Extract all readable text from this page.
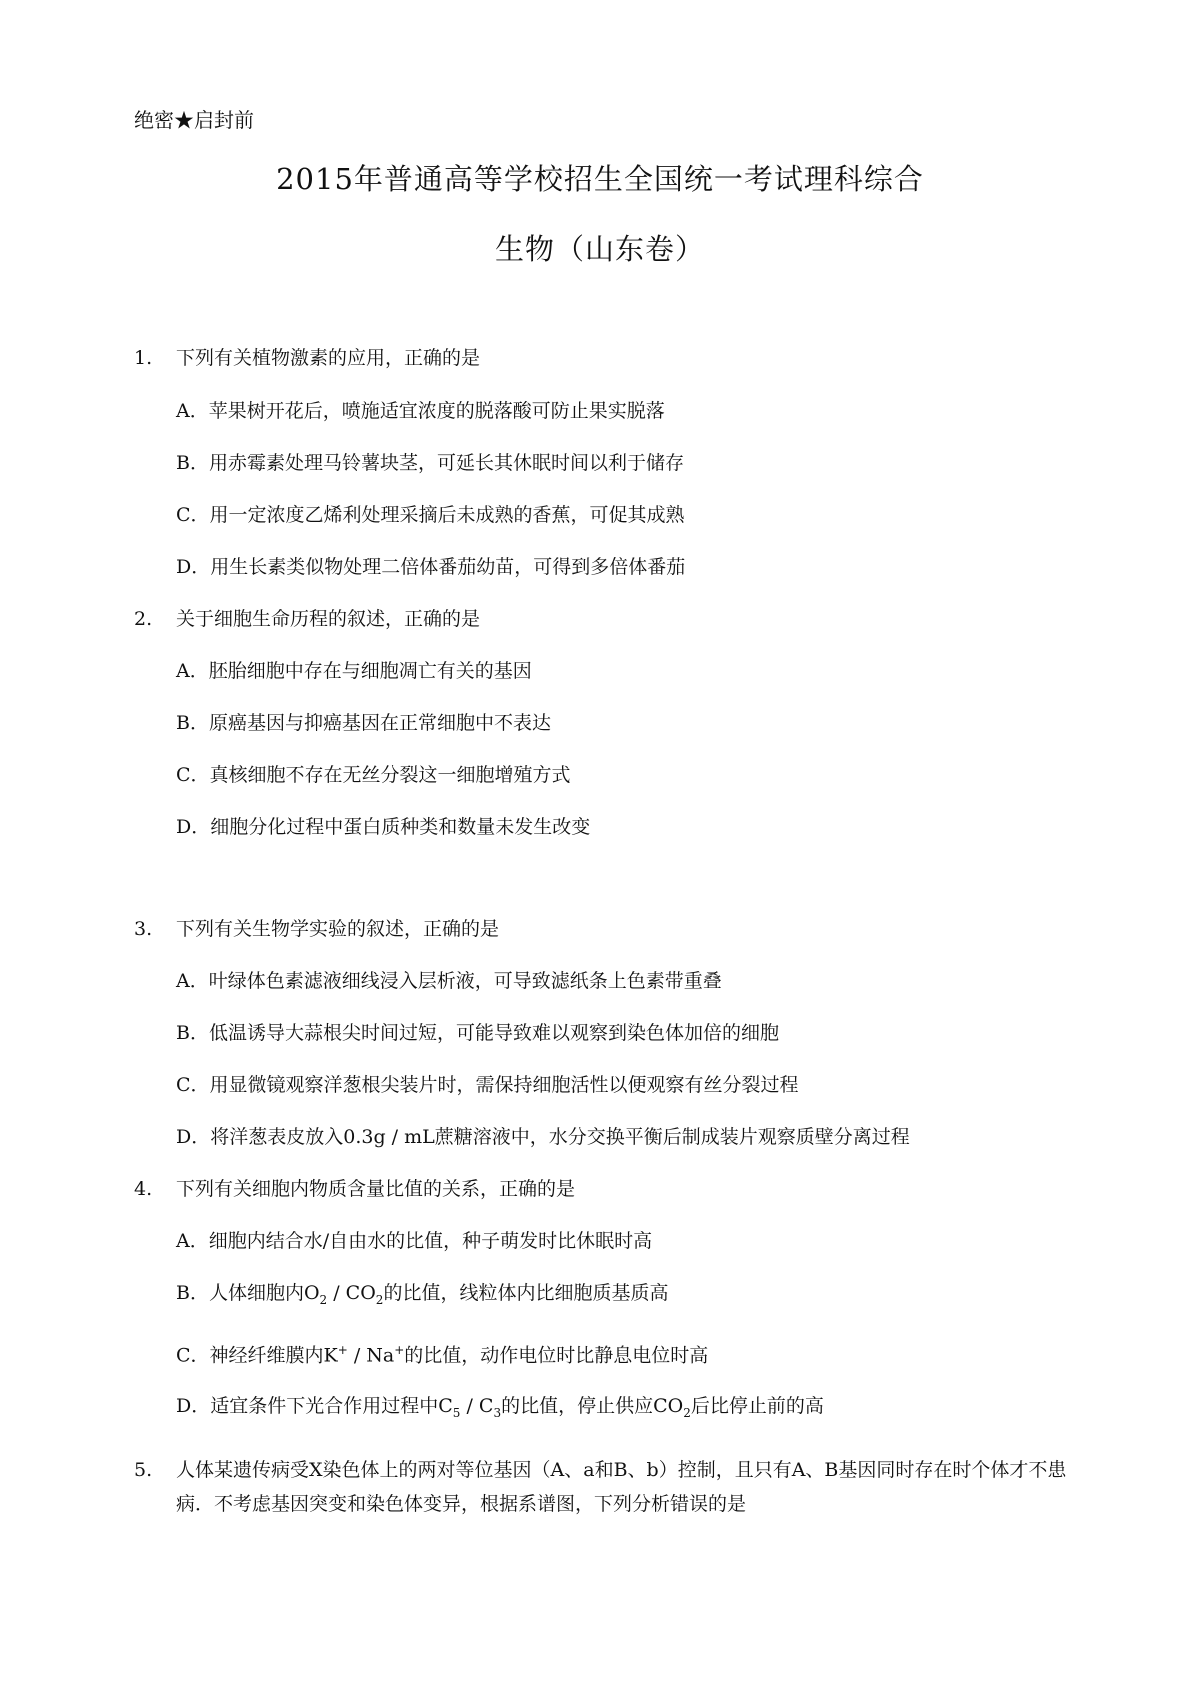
绝密★启封前
2015年普通高等学校招生全国统一考试理科综合
生物（山东卷）
1. 下列有关植物激素的应用，正确的是
A．苹果树开花后，喷施适宜浓度的脱落酸可防止果实脱落
B．用赤霉素处理马铃薯块茎，可延长其休眠时间以利于储存
C．用一定浓度乙烯利处理采摘后未成熟的香蕉，可促其成熟
D．用生长素类似物处理二倍体番茄幼苗，可得到多倍体番茄
2. 关于细胞生命历程的叙述，正确的是
A．胚胎细胞中存在与细胞凋亡有关的基因
B．原癌基因与抑癌基因在正常细胞中不表达
C．真核细胞不存在无丝分裂这一细胞增殖方式
D．细胞分化过程中蛋白质种类和数量未发生改变
3. 下列有关生物学实验的叙述，正确的是
A．叶绿体色素滤液细线浸入层析液，可导致滤纸条上色素带重叠
B．低温诱导大蒜根尖时间过短，可能导致难以观察到染色体加倍的细胞
C．用显微镜观察洋葱根尖装片时，需保持细胞活性以便观察有丝分裂过程
D．将洋葱表皮放入0.3g / mL蔗糖溶液中，水分交换平衡后制成装片观察质壁分离过程
4. 下列有关细胞内物质含量比值的关系，正确的是
A．细胞内结合水/自由水的比值，种子萌发时比休眠时高
B．人体细胞内$O_2 / CO_2$的比值，线粒体内比细胞质基质高
C．神经纤维膜内K+ / Na+的比值，动作电位时比静息电位时高
D．适宜条件下光合作用过程中$C_5 / C_3$的比值，停止供应$CO_2$后比停止前的高
5.	人体某遗传病受X染色体上的两对等位基因（A、a和B、b）控制，且只有A、B基因同时存在时个体才不患病．不考虑基因突变和染色体变异，根据系谱图，下列分析错误的是
